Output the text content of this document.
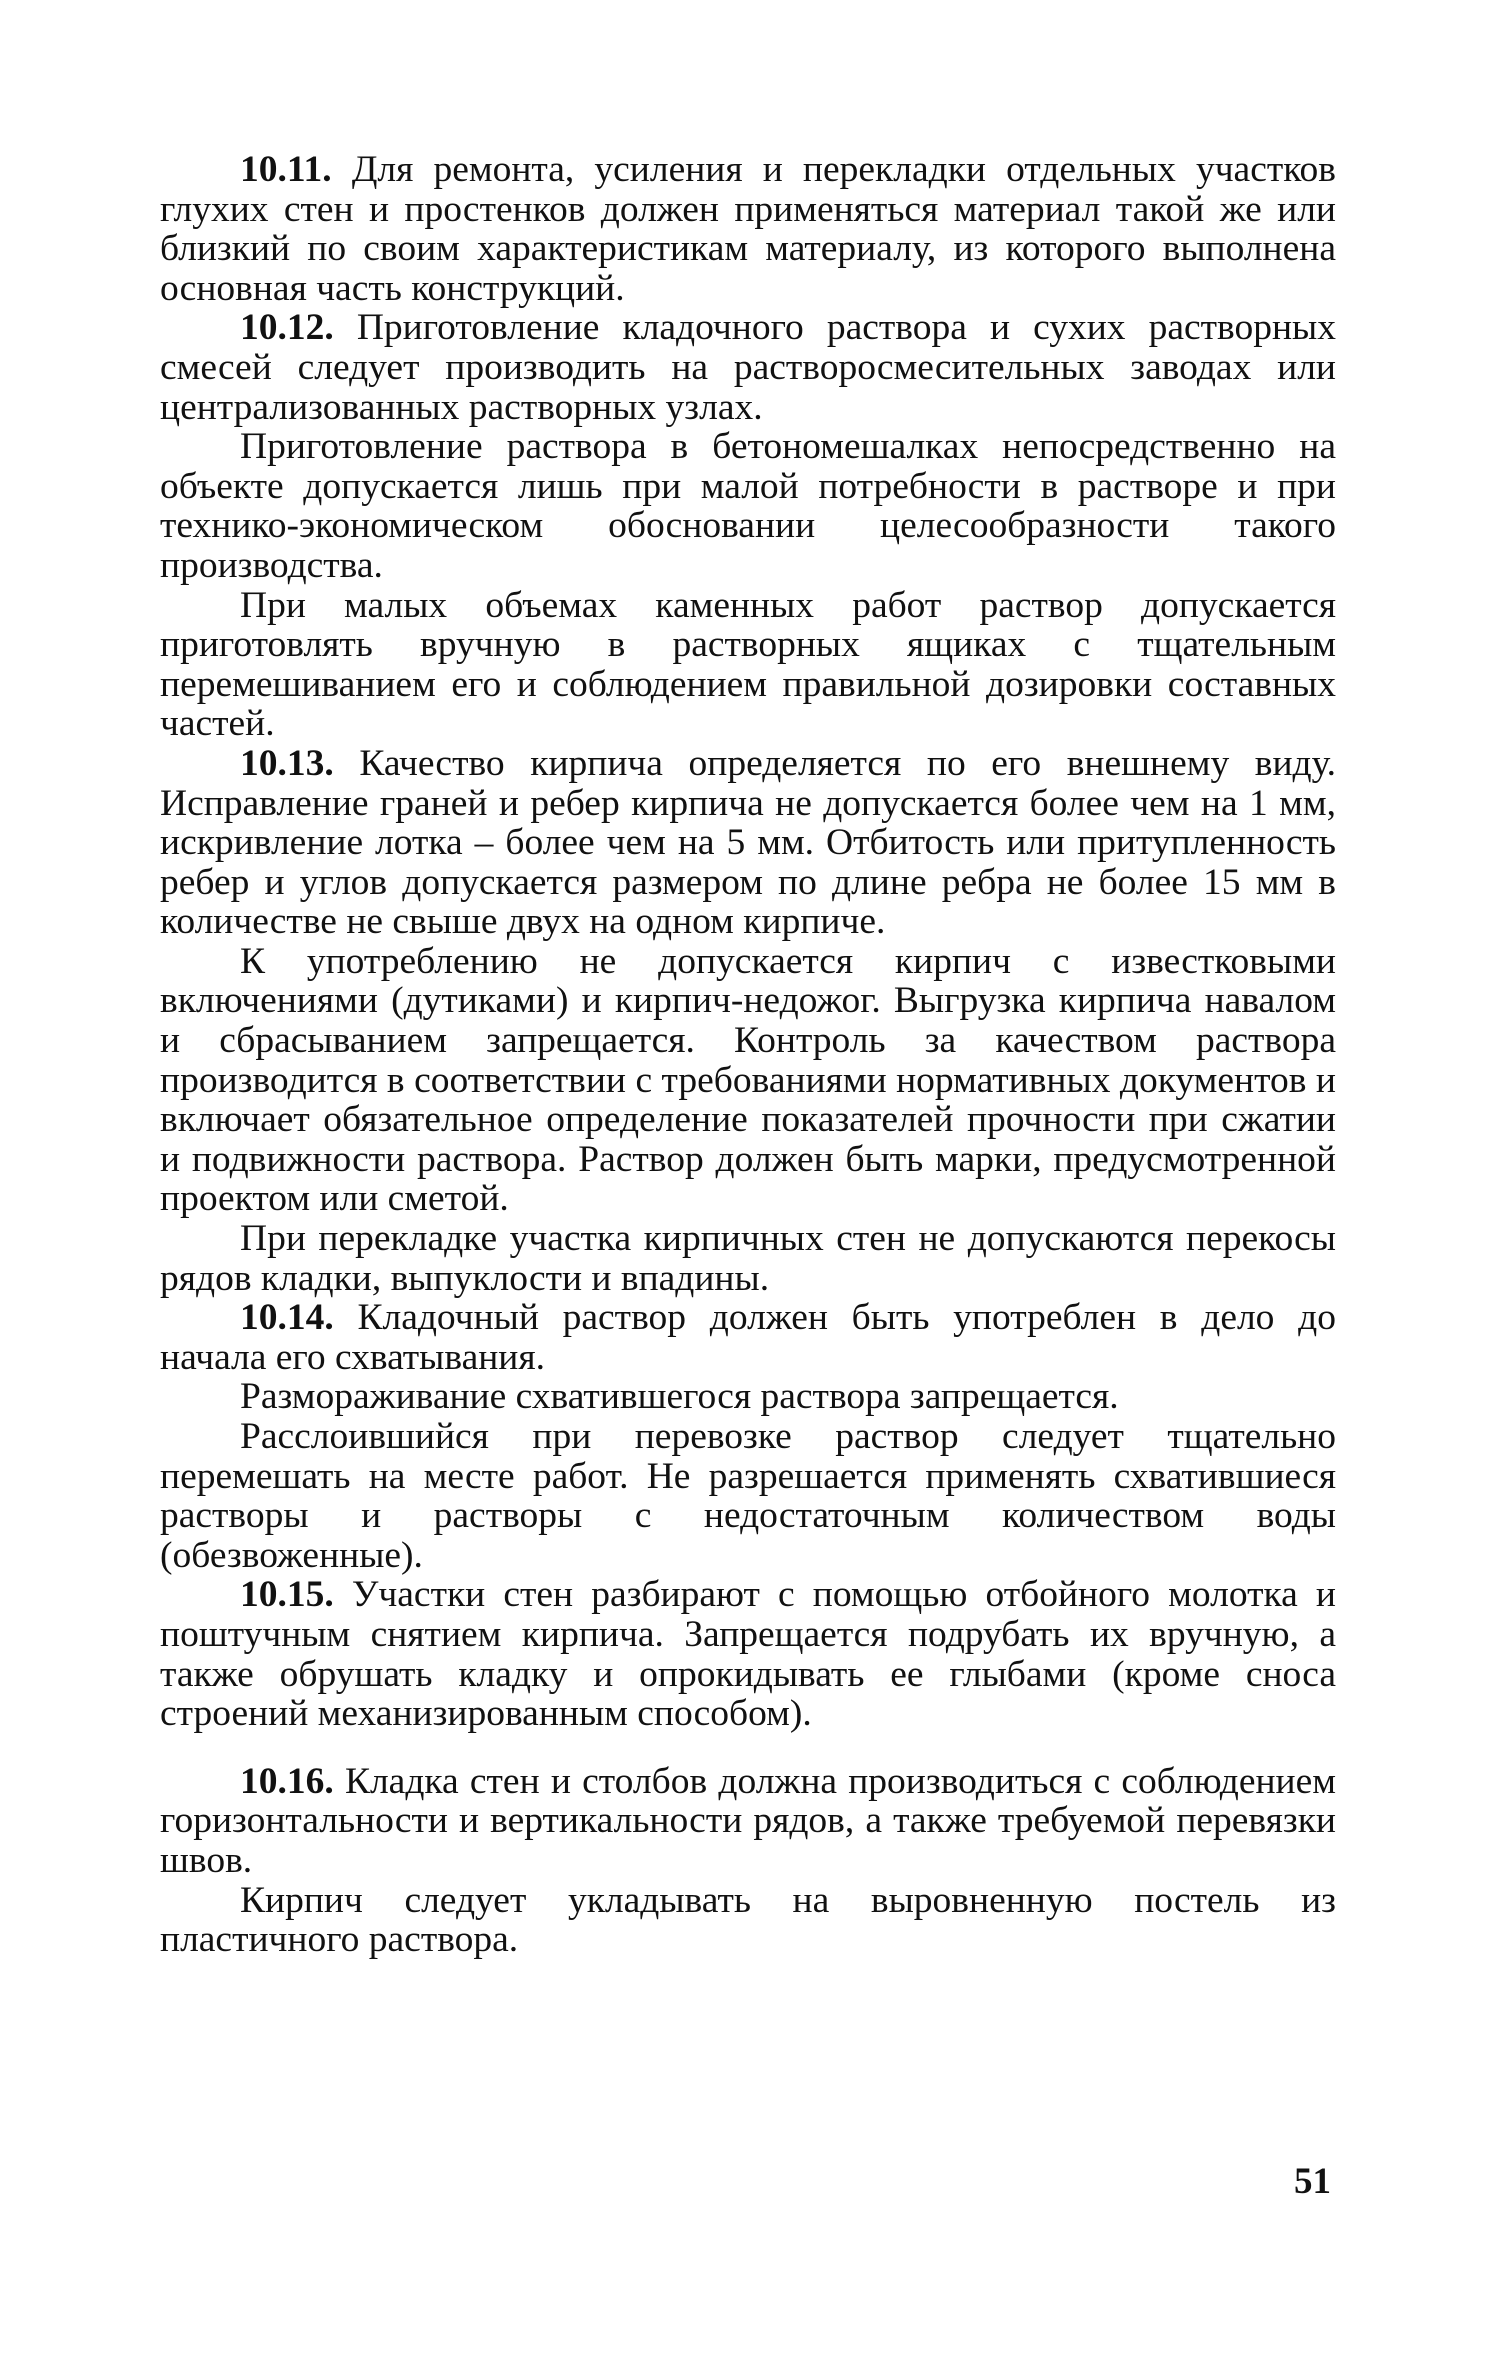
10.11. Для ремонта, усиления и перекладки отдельных участков глухих стен и простенков должен применяться материал такой же или близкий по своим характеристикам материалу, из которого выполнена основная часть конструкций.

10.12. Приготовление кладочного раствора и сухих растворных смесей следует производить на растворосмесительных заводах или централизованных растворных узлах.

Приготовление раствора в бетономешалках непосредственно на объекте допускается лишь при малой потребности в растворе и при технико-экономическом обосновании целесообразности такого производства.

При малых объемах каменных работ раствор допускается приготовлять вручную в растворных ящиках с тщательным перемешиванием его и соблюдением правильной дозировки составных частей.

10.13. Качество кирпича определяется по его внешнему виду. Исправление граней и ребер кирпича не допускается более чем на 1 мм, искривление лотка – более чем на 5 мм. Отбитость или притупленность ребер и углов допускается размером по длине ребра не более 15 мм в количестве не свыше двух на одном кирпиче.

К употреблению не допускается кирпич с известковыми включениями (дутиками) и кирпич-недожог. Выгрузка кирпича навалом и сбрасыванием запрещается. Контроль за качеством раствора производится в соответствии с требованиями нормативных документов и включает обязательное определение показателей прочности при сжатии и подвижности раствора. Раствор должен быть марки, предусмотренной проектом или сметой.

При перекладке участка кирпичных стен не допускаются перекосы рядов кладки, выпуклости и впадины.

10.14. Кладочный раствор должен быть употреблен в дело до начала его схватывания.

Размораживание схватившегося раствора запрещается.

Расслоившийся при перевозке раствор следует тщательно перемешать на месте работ. Не разрешается применять схватившиеся растворы и растворы с недостаточным количеством воды (обезвоженные).

10.15. Участки стен разбирают с помощью отбойного молотка и поштучным снятием кирпича. Запрещается подрубать их вручную, а также обрушать кладку и опрокидывать ее глыбами (кроме сноса строений механизированным способом).

10.16. Кладка стен и столбов должна производиться с соблюдением горизонтальности и вертикальности рядов, а также требуемой перевязки швов.

Кирпич следует укладывать на выровненную постель из пластичного раствора.

51
